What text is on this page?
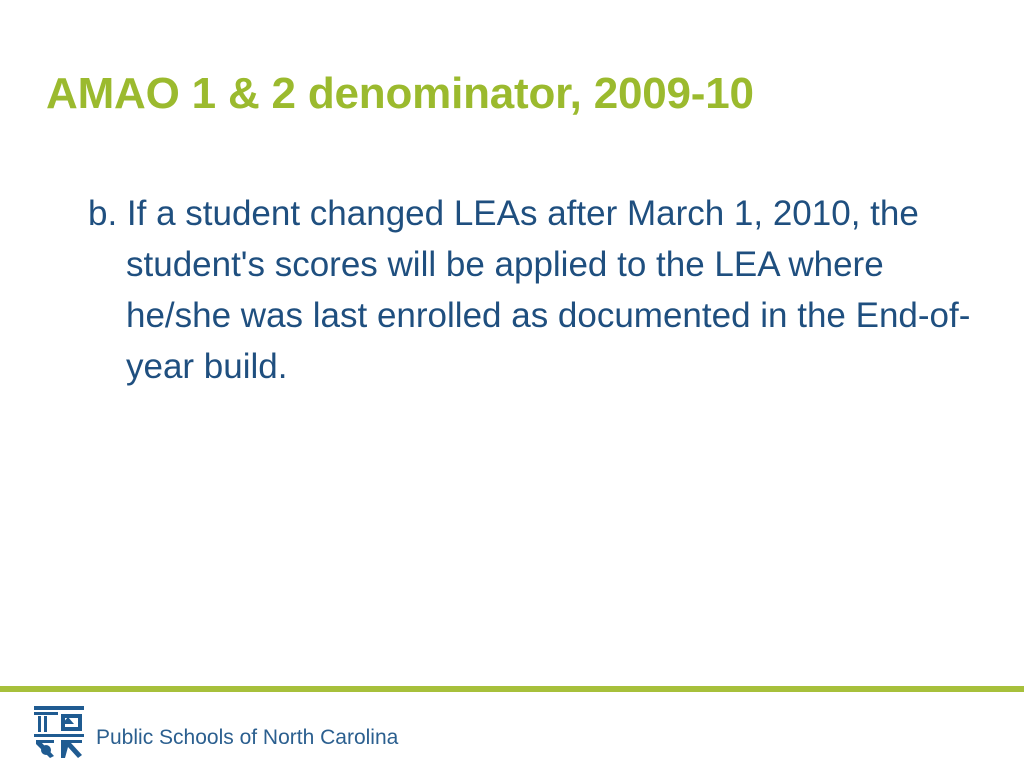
AMAO 1 & 2 denominator, 2009-10

b. If a student changed LEAs after March 1, 2010, the student's scores will be applied to the LEA where he/she was last enrolled as documented in the End-of-year build.

Public Schools of North Carolina
